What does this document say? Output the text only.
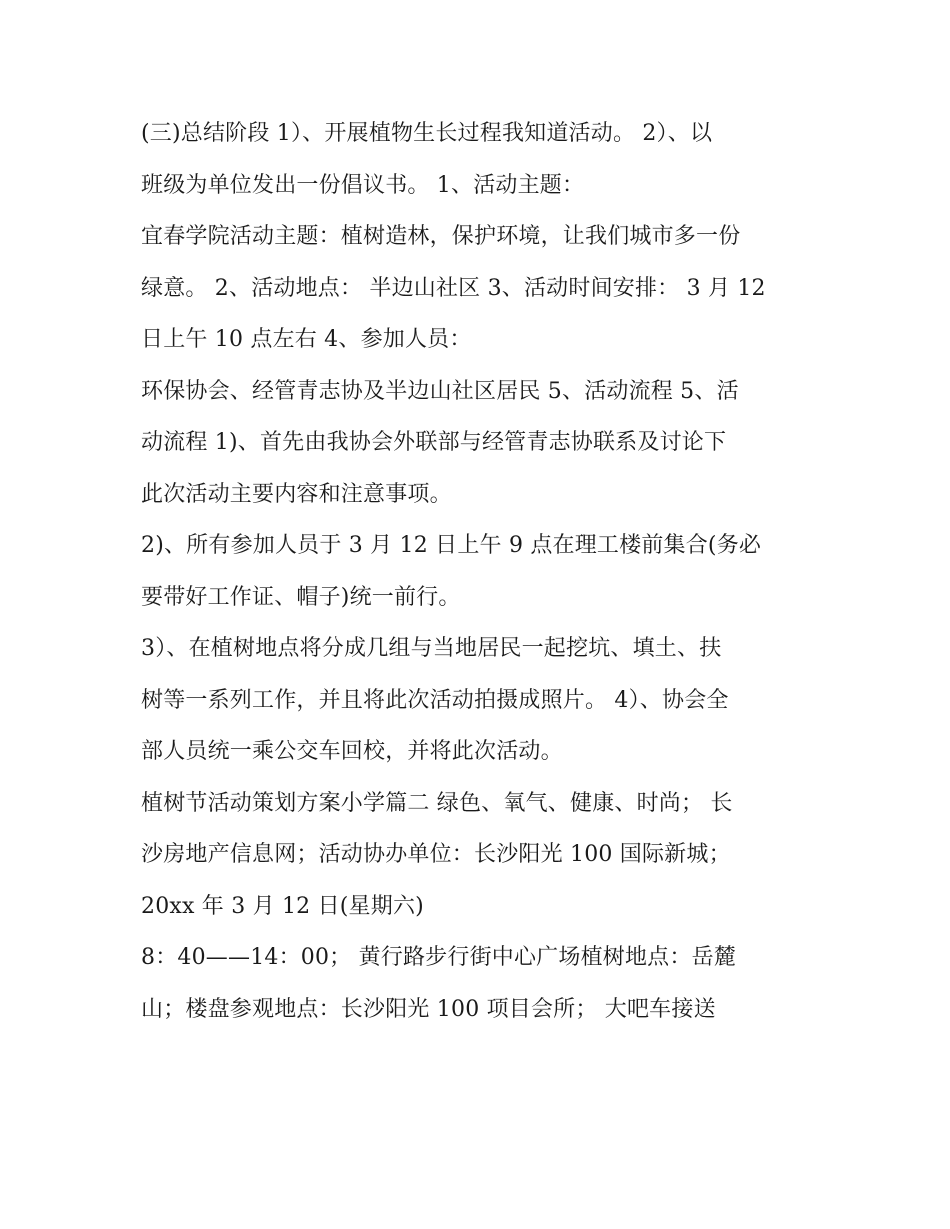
(三)总结阶段 1）、开展植物生长过程我知道活动。 2）、以
班级为单位发出一份倡议书。 1、活动主题：
宜春学院活动主题：植树造林，保护环境，让我们城市多一份
绿意。 2、活动地点： 半边山社区 3、活动时间安排： 3 月 12
日上午 10 点左右 4、参加人员：
环保协会、经管青志协及半边山社区居民 5、活动流程 5、活
动流程 1)、首先由我协会外联部与经管青志协联系及讨论下
此次活动主要内容和注意事项。
2)、所有参加人员于 3 月 12 日上午 9 点在理工楼前集合(务必
要带好工作证、帽子)统一前行。
3）、在植树地点将分成几组与当地居民一起挖坑、填土、扶
树等一系列工作，并且将此次活动拍摄成照片。 4）、协会全
部人员统一乘公交车回校，并将此次活动。
植树节活动策划方案小学篇二 绿色、氧气、健康、时尚； 长
沙房地产信息网；活动协办单位：长沙阳光 100 国际新城；
20xx 年 3 月 12 日(星期六)
8：40——14：00； 黄行路步行街中心广场植树地点：岳麓
山；楼盘参观地点：长沙阳光 100 项目会所； 大吧车接送
